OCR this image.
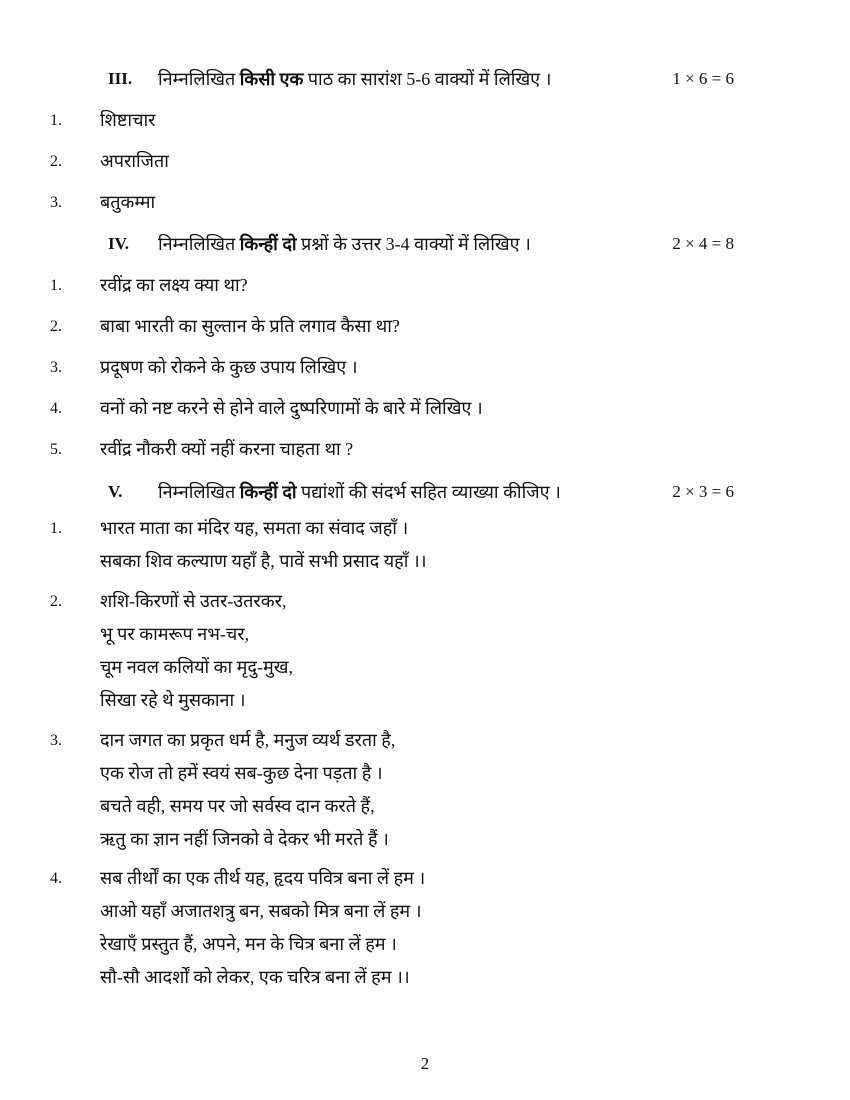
III. निम्नलिखित किसी एक पाठ का सारांश 5-6 वाक्यों में लिखिए ।	1 × 6 = 6
1.	शिष्टाचार
2.	अपराजिता
3.	बतुकम्मा
IV. निम्नलिखित किन्हीं दो प्रश्नों के उत्तर 3-4 वाक्यों में लिखिए ।	2 × 4 = 8
1.	रवींद्र का लक्ष्य क्या था?
2.	बाबा भारती का सुल्तान के प्रति लगाव कैसा था?
3.	प्रदूषण को रोकने के कुछ उपाय लिखिए ।
4.	वनों को नष्ट करने से होने वाले दुष्परिणामों के बारे में लिखिए ।
5.	रवींद्र नौकरी क्यों नहीं करना चाहता था ?
V. निम्नलिखित किन्हीं दो पद्यांशों की संदर्भ सहित व्याख्या कीजिए ।	2 × 3 = 6
1.	भारत माता का मंदिर यह, समता का संवाद जहाँ ।
सबका शिव कल्याण यहाँ है, पावें सभी प्रसाद यहाँ ।।
2.	शशि-किरणों से उतर-उतरकर,
भू पर कामरूप नभ-चर,
चूम नवल कलियों का मृदु-मुख,
सिखा रहे थे मुसकाना ।
3.	दान जगत का प्रकृत धर्म है, मनुज व्यर्थ डरता है,
एक रोज तो हमें स्वयं सब-कुछ देना पड़ता है ।
बचते वही, समय पर जो सर्वस्व दान करते हैं,
ऋतु का ज्ञान नहीं जिनको वे देकर भी मरते हैं ।
4.	सब तीर्थों का एक तीर्थ यह, हृदय पवित्र बना लें हम ।
आओ यहाँ अजातशत्रु बन, सबको मित्र बना लें हम ।
रेखाएँ प्रस्तुत हैं, अपने, मन के चित्र बना लें हम ।
सौ-सौ आदर्शों को लेकर, एक चरित्र बना लें हम ।।
2
